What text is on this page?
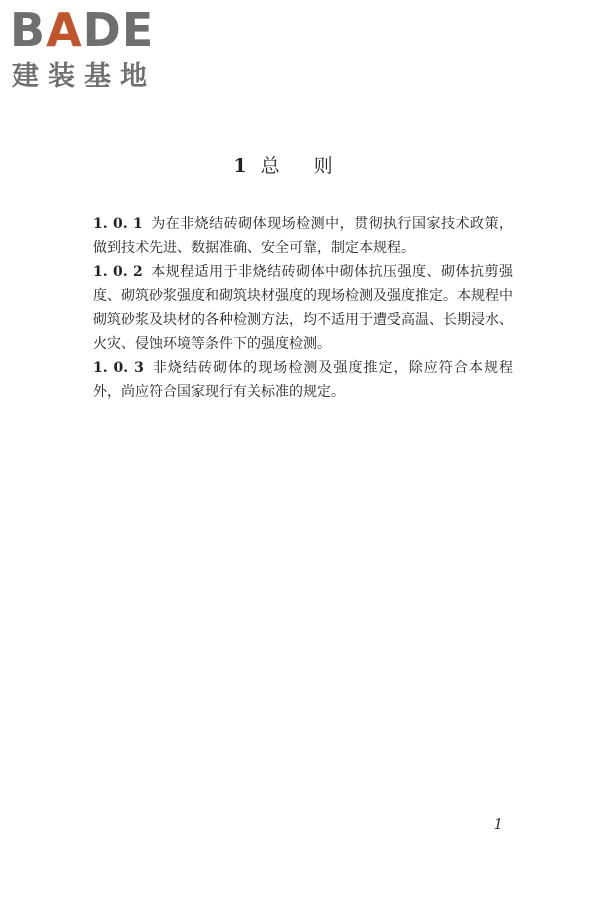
BADE
建装基地
1 总则

1. 0. 1 为在非烧结砖砌体现场检测中，贯彻执行国家技术政策，做到技术先进、数据准确、安全可靠，制定本规程。

1. 0. 2 本规程适用于非烧结砖砌体中砌体抗压强度、砌体抗剪强度、砌筑砂浆强度和砌筑块材强度的现场检测及强度推定。本规程中砌筑砂浆及块材的各种检测方法，均不适用于遭受高温、长期浸水、火灾、侵蚀环境等条件下的强度检测。

1. 0. 3 非烧结砖砌体的现场检测及强度推定，除应符合本规程外，尚应符合国家现行有关标准的规定。

1
